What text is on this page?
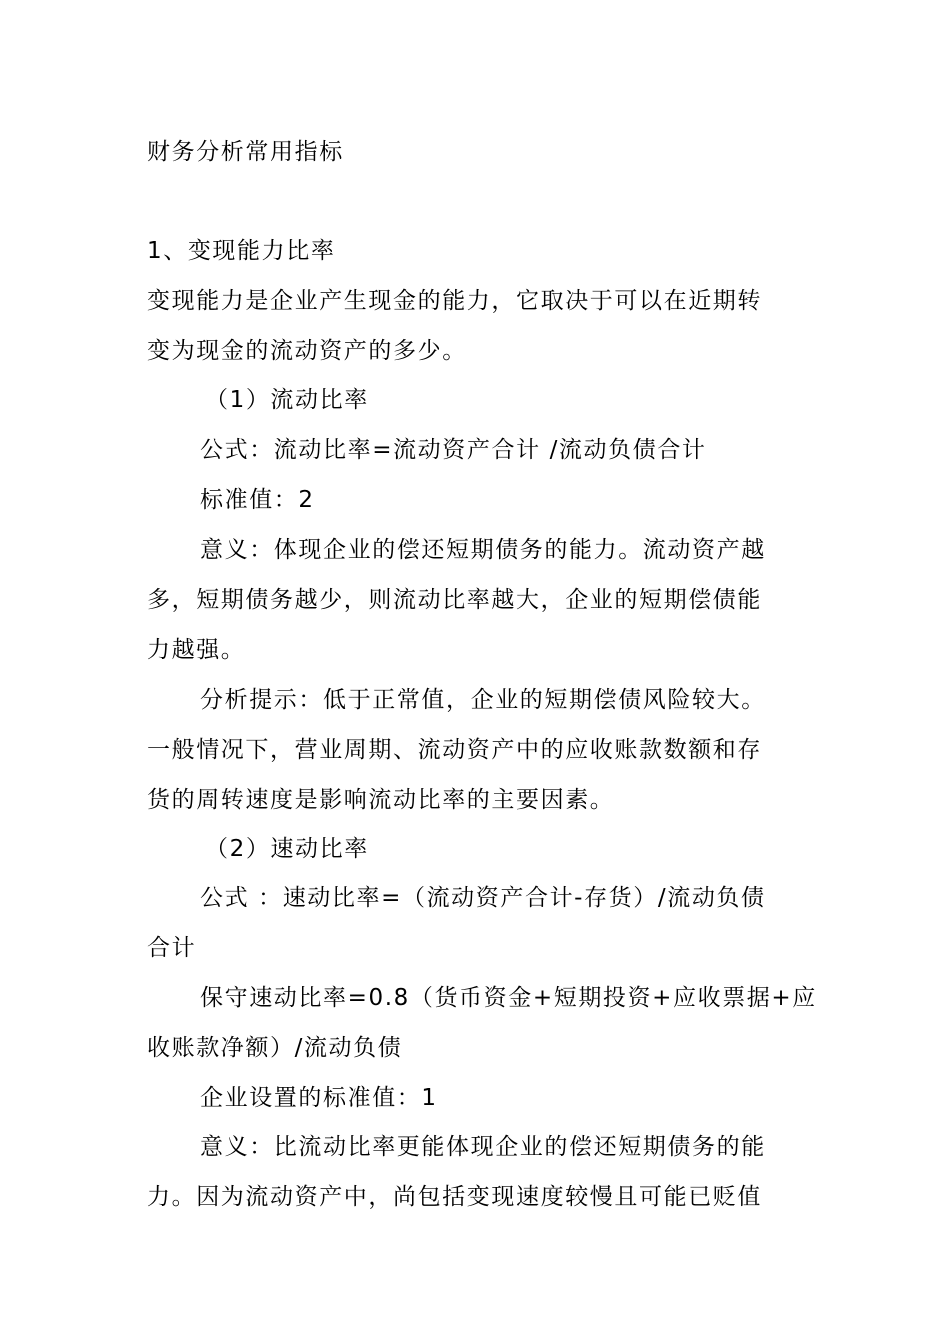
财务分析常用指标
1、变现能力比率
变现能力是企业产生现金的能力，它取决于可以在近期转
变为现金的流动资产的多少。
（1）流动比率
公式：流动比率=流动资产合计 /流动负债合计
标准值：2
意义：体现企业的偿还短期债务的能力。流动资产越
多，短期债务越少，则流动比率越大，企业的短期偿债能
力越强。
分析提示：低于正常值，企业的短期偿债风险较大。
一般情况下，营业周期、流动资产中的应收账款数额和存
货的周转速度是影响流动比率的主要因素。
（2）速动比率
公式 ：速动比率=（流动资产合计-存货）/流动负债
合计
保守速动比率=0.8（货币资金+短期投资+应收票据+应
收账款净额）/流动负债
企业设置的标准值：1
意义：比流动比率更能体现企业的偿还短期债务的能
力。因为流动资产中，尚包括变现速度较慢且可能已贬值
